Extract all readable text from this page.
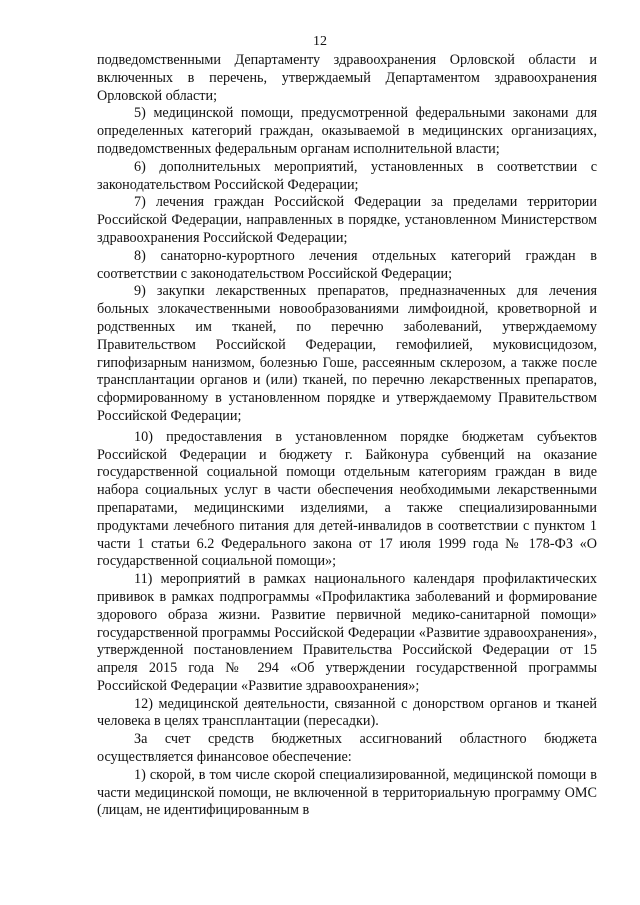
12

подведомственными Департаменту здравоохранения Орловской области и включенных в перечень, утверждаемый Департаментом здравоохранения Орловской области;

5) медицинской помощи, предусмотренной федеральными законами для определенных категорий граждан, оказываемой в медицинских организациях, подведомственных федеральным органам исполнительной власти;

6) дополнительных мероприятий, установленных в соответствии с законодательством Российской Федерации;

7) лечения граждан Российской Федерации за пределами территории Российской Федерации, направленных в порядке, установленном Министерством здравоохранения Российской Федерации;

8) санаторно-курортного лечения отдельных категорий граждан в соответствии с законодательством Российской Федерации;

9) закупки лекарственных препаратов, предназначенных для лечения больных злокачественными новообразованиями лимфоидной, кроветворной и родственных им тканей, по перечню заболеваний, утверждаемому Правительством Российской Федерации, гемофилией, муковисцидозом, гипофизарным нанизмом, болезнью Гоше, рассеянным склерозом, а также после трансплантации органов и (или) тканей, по перечню лекарственных препаратов, сформированному в установленном порядке и утверждаемому Правительством Российской Федерации;

10) предоставления в установленном порядке бюджетам субъектов Российской Федерации и бюджету г. Байконура субвенций на оказание государственной социальной помощи отдельным категориям граждан в виде набора социальных услуг в части обеспечения необходимыми лекарственными препаратами, медицинскими изделиями, а также специализированными продуктами лечебного питания для детей-инвалидов в соответствии с пунктом 1 части 1 статьи 6.2 Федерального закона от 17 июля 1999 года № 178-ФЗ «О государственной социальной помощи»;

11) мероприятий в рамках национального календаря профилактических прививок в рамках подпрограммы «Профилактика заболеваний и формирование здорового образа жизни. Развитие первичной медико-санитарной помощи» государственной программы Российской Федерации «Развитие здравоохранения», утвержденной постановлением Правительства Российской Федерации от 15 апреля 2015 года № 294 «Об утверждении государственной программы Российской Федерации «Развитие здравоохранения»;

12) медицинской деятельности, связанной с донорством органов и тканей человека в целях трансплантации (пересадки).

За счет средств бюджетных ассигнований областного бюджета осуществляется финансовое обеспечение:

1) скорой, в том числе скорой специализированной, медицинской помощи в части медицинской помощи, не включенной в территориальную программу ОМС (лицам, не идентифицированным в
